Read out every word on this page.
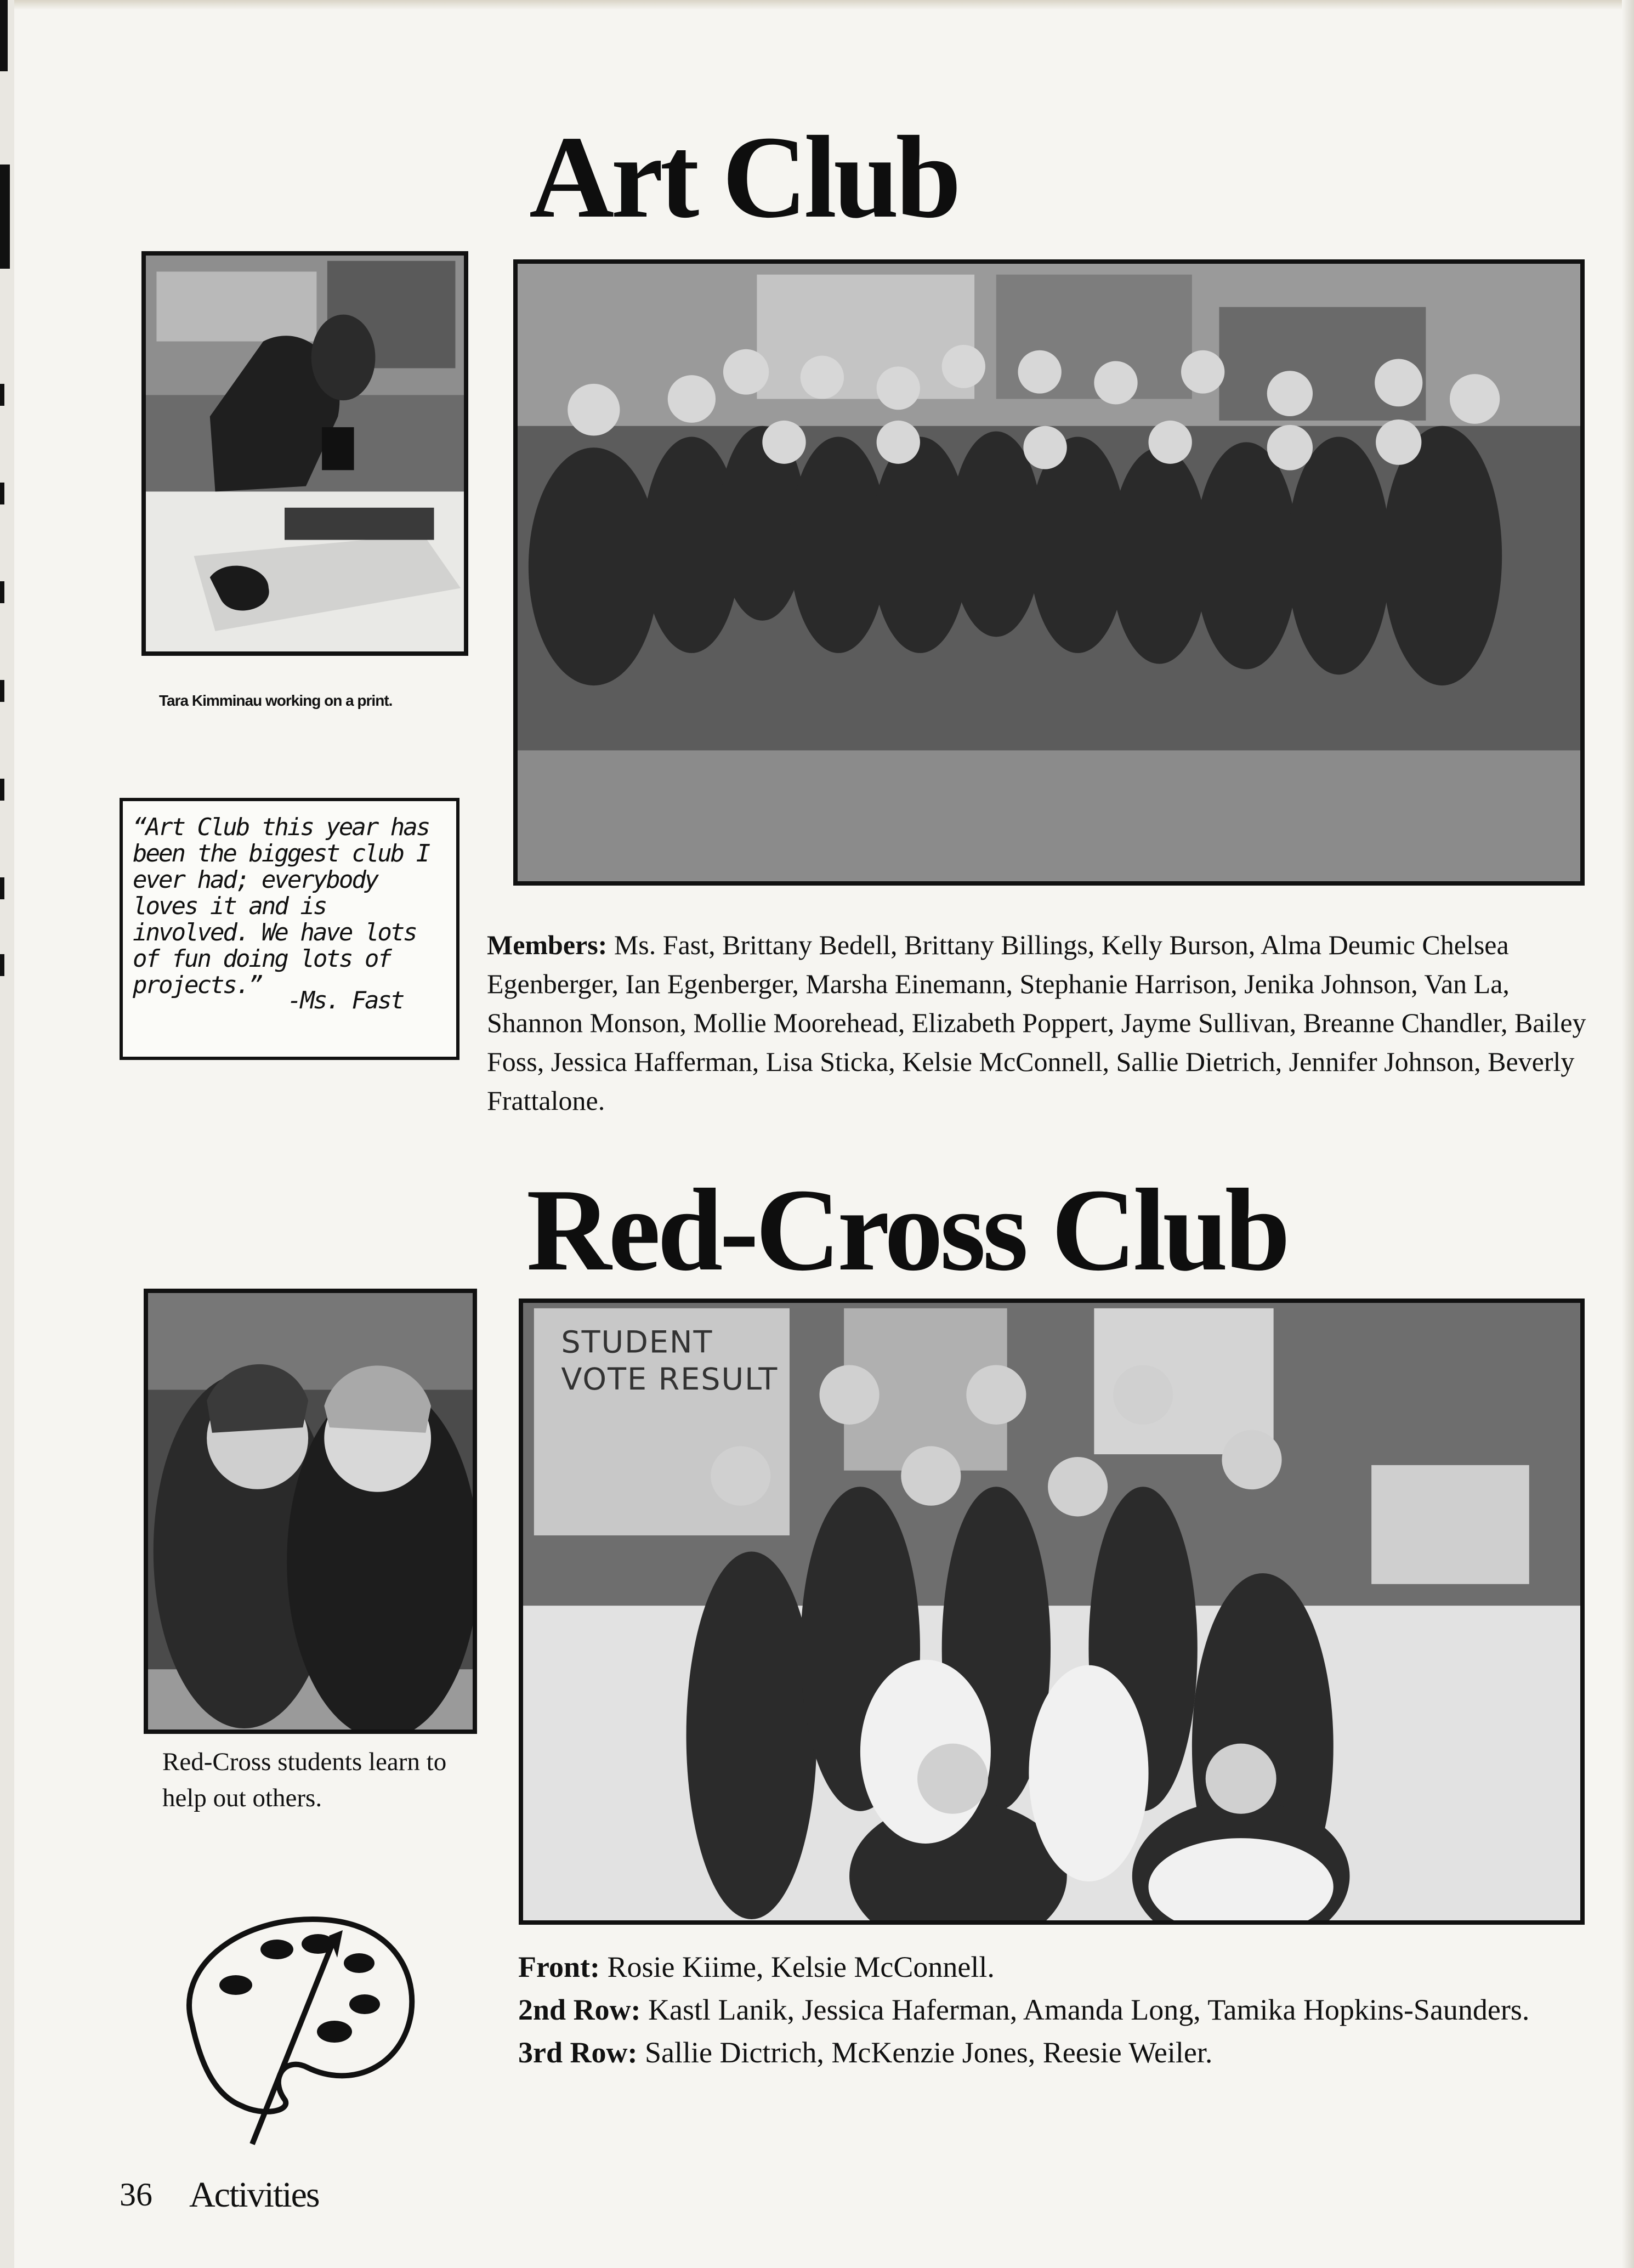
Art Club
Tara Kimminau working on a print.
“Art Club this year has been the biggest club I ever had; everybody loves it and is involved. We have lots of fun doing lots of projects.”
-Ms. Fast
Members: Ms. Fast, Brittany Bedell, Brittany Billings, Kelly Burson, Alma Deumic Chelsea Egenberger, Ian Egenberger, Marsha Einemann, Stephanie Harrison, Jenika Johnson, Van La, Shannon Monson, Mollie Moorehead, Elizabeth Poppert, Jayme Sullivan, Breanne Chandler, Bailey Foss, Jessica Hafferman, Lisa Sticka, Kelsie McConnell, Sallie Dietrich, Jennifer Johnson, Beverly Frattalone.
Red-Cross Club
Red-Cross students learn to help out others.
STUDENT
VOTE RESULT
Front: Rosie Kiime, Kelsie McConnell.
2nd Row: Kastl Lanik, Jessica Haferman, Amanda Long, Tamika Hopkins-Saunders.
3rd Row: Sallie Dictrich, McKenzie Jones, Reesie Weiler.
36 Activities
